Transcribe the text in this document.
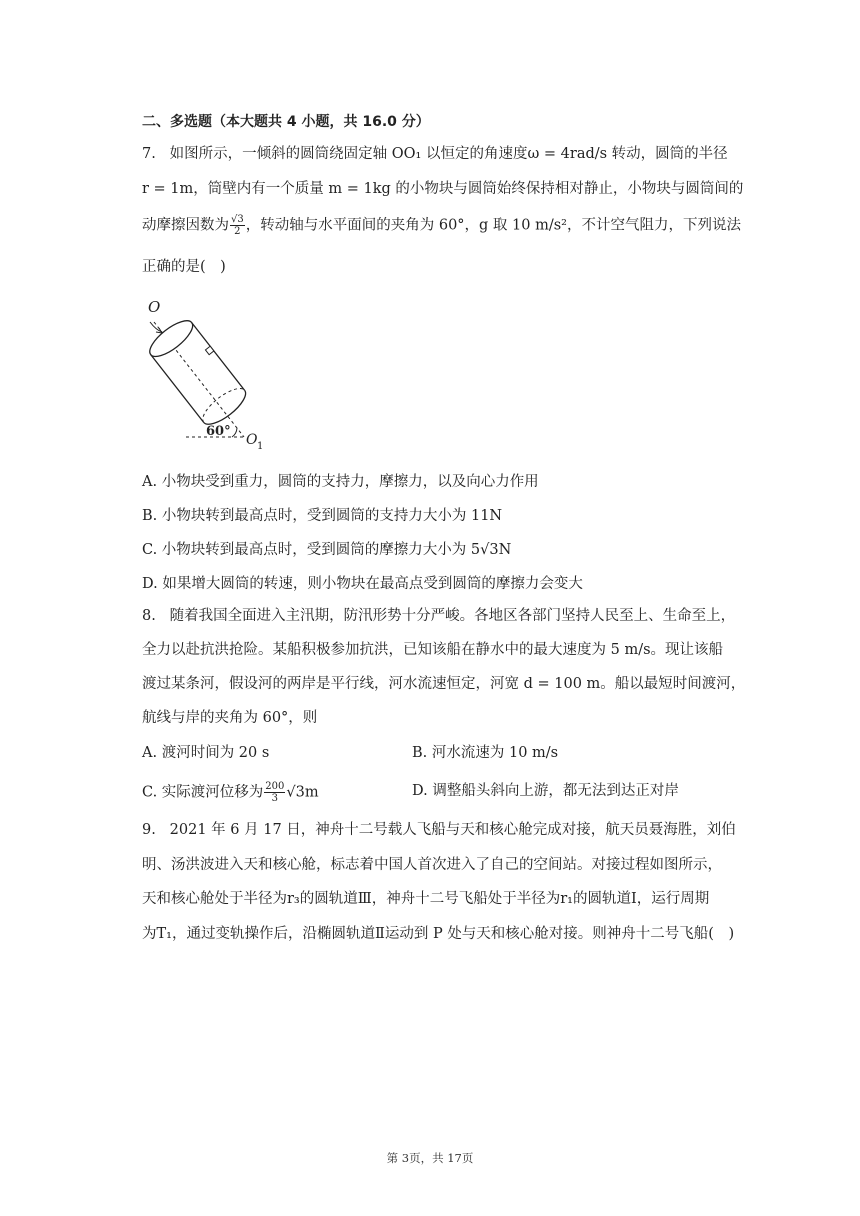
二、多选题（本大题共 4 小题，共 16.0 分）
7. 如图所示，一倾斜的圆筒绕固定轴 OO₁ 以恒定的角速度ω = 4rad/s 转动，圆筒的半径
r = 1m，筒壁内有一个质量 m = 1kg 的小物块与圆筒始终保持相对静止，小物块与圆筒间的
动摩擦因数为 $\frac{√3}{2}$ ，转动轴与水平面间的夹角为 60°，g 取 10 m/s²，不计空气阻力，下列说法
正确的是(　)
O
60°
O 1
A. 小物块受到重力，圆筒的支持力，摩擦力，以及向心力作用
B. 小物块转到最高点时，受到圆筒的支持力大小为 11N
C. 小物块转到最高点时，受到圆筒的摩擦力大小为 5√3N
D. 如果增大圆筒的转速，则小物块在最高点受到圆筒的摩擦力会变大
8. 随着我国全面进入主汛期，防汛形势十分严峻。各地区各部门坚持人民至上、生命至上，
全力以赴抗洪抢险。某船积极参加抗洪，已知该船在静水中的最大速度为 5 m/s。现让该船
渡过某条河，假设河的两岸是平行线，河水流速恒定，河宽 d = 100 m。船以最短时间渡河，
航线与岸的夹角为 60°，则
A. 渡河时间为 20 s	B. 河水流速为 10 m/s
C. 实际渡河位移为 $\frac{200}{3} √3m$	D. 调整船头斜向上游，都无法到达正对岸
9. 2021 年 6 月 17 日，神舟十二号载人飞船与天和核心舱完成对接，航天员聂海胜，刘伯
明、汤洪波进入天和核心舱，标志着中国人首次进入了自己的空间站。对接过程如图所示，
天和核心舱处于半径为r₃的圆轨道Ⅲ，神舟十二号飞船处于半径为r₁的圆轨道Ⅰ，运行周期
为T₁，通过变轨操作后，沿椭圆轨道Ⅱ运动到 P 处与天和核心舱对接。则神舟十二号飞船(　)
第 3页，共 17页
